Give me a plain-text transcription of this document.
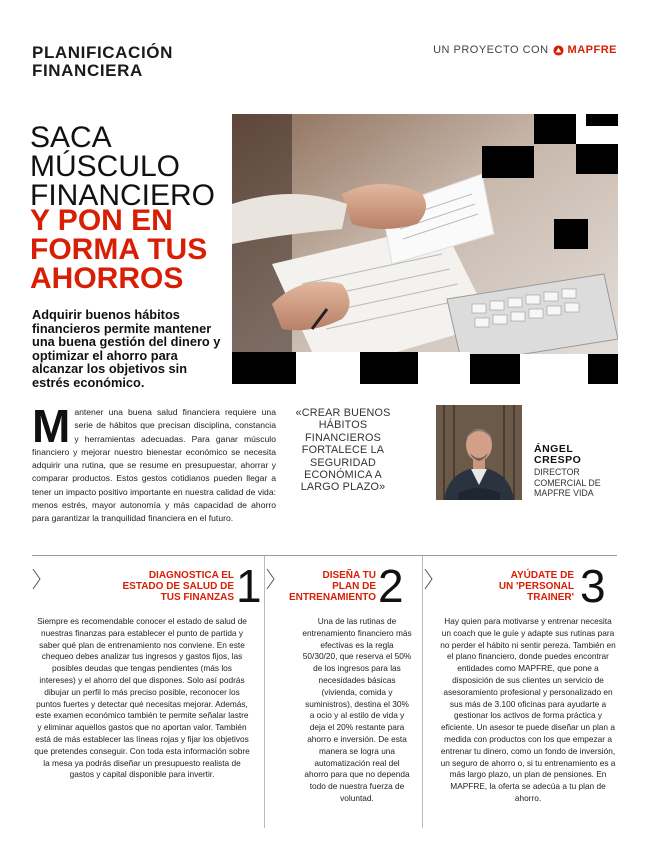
PLANIFICACIÓN
FINANCIERA
UN PROYECTO CON MAPFRE
SACA
MÚSCULO
FINANCIERO
Y PON EN
FORMA TUS
AHORROS
Adquirir buenos hábitos financieros permite mantener una buena gestión del dinero y optimizar el ahorro para alcanzar los objetivos sin estrés económico.
M antener una buena salud financiera requiere una serie de hábitos que precisan disciplina, constancia y herramientas adecuadas. Para ganar músculo financiero y mejorar nuestro bienestar económico se necesita adquirir una rutina, que se resume en presupuestar, ahorrar y comparar productos. Estos gestos cotidianos pueden llegar a tener un impacto positivo importante en nuestra calidad de vida: menos estrés, mayor autonomía y más capacidad de ahorro para garantizar la tranquilidad financiera en el futuro.
«CREAR BUENOS
HÁBITOS
FINANCIEROS
FORTALECE LA
SEGURIDAD
ECONÓMICA A
LARGO PLAZO»
ÁNGEL
CRESPO
DIRECTOR
COMERCIAL DE
MAPFRE VIDA
DIAGNOSTICA EL
ESTADO DE SALUD DE
TUS FINANZAS 1
Siempre es recomendable conocer el estado de salud de nuestras finanzas para establecer el punto de partida y saber qué plan de entrenamiento nos conviene. En este chequeo debes analizar tus ingresos y gastos fijos, las posibles deudas que tengas pendientes (más los intereses) y el ahorro del que dispones. Solo así podrás dibujar un perfil lo más preciso posible, reconocer los puntos fuertes y detectar qué necesitas mejorar. Además, este examen económico también te permite señalar lastre y eliminar aquellos gastos que no aportan valor. También está de más establecer las líneas rojas y fijar los objetivos que pretendes conseguir. Con toda esta información sobre la mesa ya podrás diseñar un presupuesto realista de gastos y capital disponible para invertir.
DISEÑA TU
PLAN DE
ENTRENAMIENTO 2
Una de las rutinas de entrenamiento financiero más efectivas es la regla 50/30/20, que reserva el 50% de los ingresos para las necesidades básicas (vivienda, comida y suministros), destina el 30% a ocio y al estilo de vida y deja el 20% restante para ahorro e inversión. De esta manera se logra una automatización real del ahorro para que no dependa todo de nuestra fuerza de voluntad.
AYÚDATE DE
UN 'PERSONAL
TRAINER' 3
Hay quien para motivarse y entrenar necesita un coach que le guíe y adapte sus rutinas para no perder el hábito ni sentir pereza. También en el plano financiero, donde puedes encontrar entidades como MAPFRE, que pone a disposición de sus clientes un servicio de asesoramiento profesional y personalizado en sus más de 3.100 oficinas para ayudarte a gestionar los activos de forma práctica y eficiente. Un asesor te puede diseñar un plan a medida con productos con los que empezar a entrenar tu dinero, como un fondo de inversión, un seguro de ahorro o, si tu entrenamiento es a más largo plazo, un plan de pensiones. En MAPFRE, la oferta se adecúa a tu plan de ahorro.
